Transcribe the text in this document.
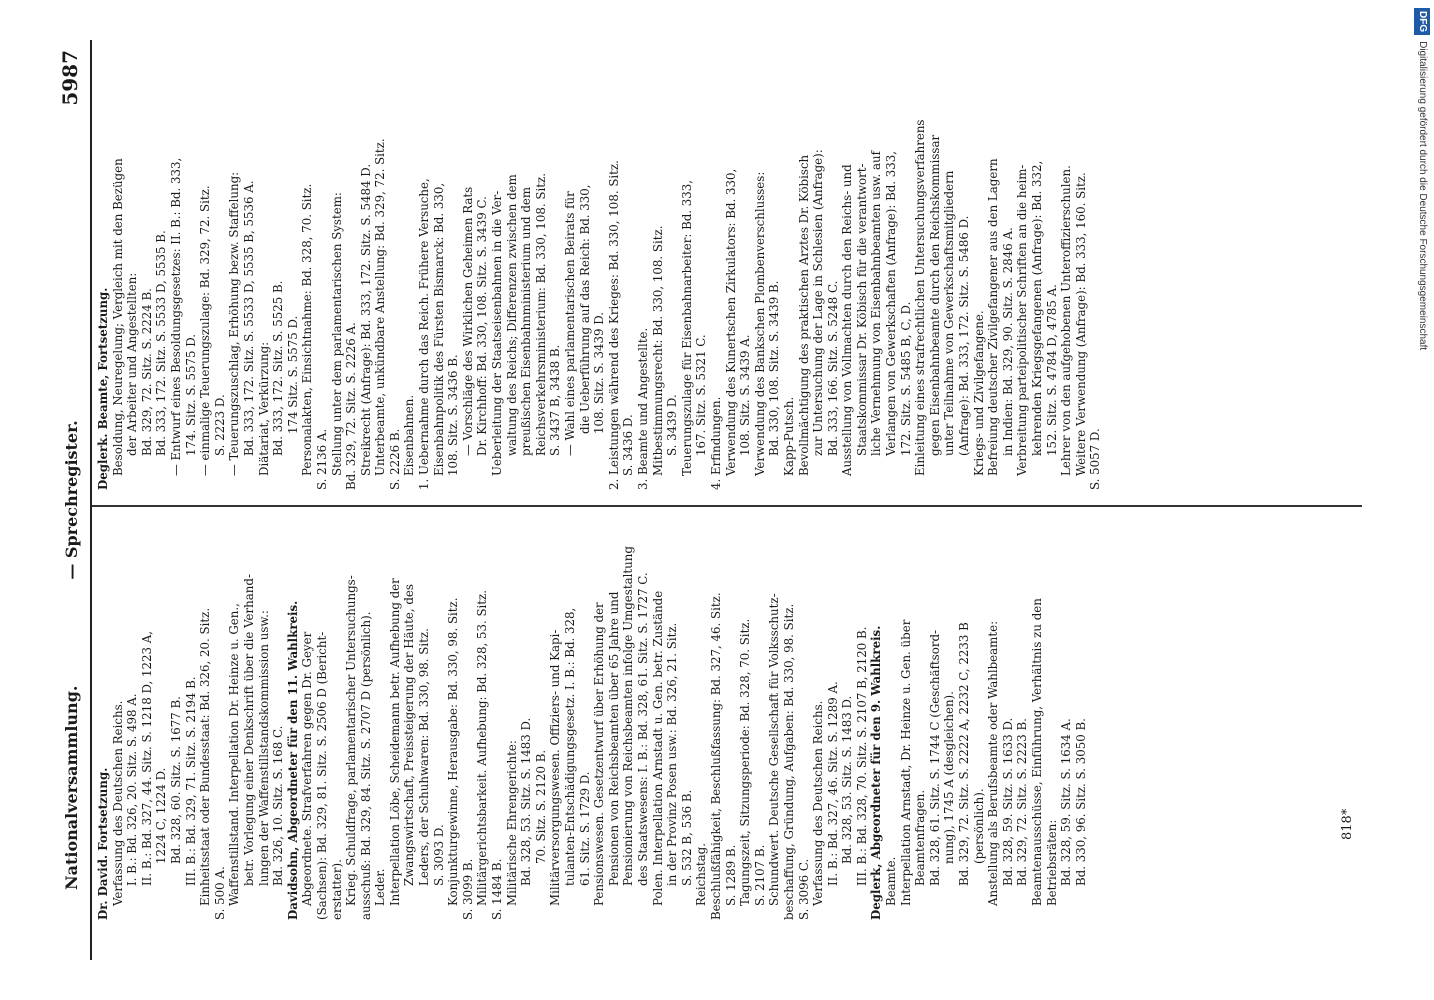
Nationalversammlung.
— Sprechregister.
5987
Dr. David. Fortsetzung. Verfassung des Deutschen Reichs. I. B.: Bd. 326, 20. Sitz. S. 498 A. II. B.: Bd. 327, 44. Sitz. S. 1218 D, 1223 A, 1224 C, 1224 D. Bd. 328, 60. Sitz. S. 1677 B. III. B.: Bd. 329, 71. Sitz. S. 2194 B. Einheitsstaat oder Bundesstaat: Bd. 326, 20. Sitz. S. 500 A. Waffenstillstand. Interpellation Dr. Heinze u. Gen., betr. Vorlegung einer Denkschrift über die Verhand- lungen der Waffenstillstandskommission usw.: Bd. 326, 10. Sitz. S. 168 C. Davidsohn, Abgeordneter für den 11. Wahlkreis. Abgeordnete. Strafverfahren gegen Dr. Geyer (Sachsen): Bd. 329, 81. Sitz. S. 2506 D (Bericht- erstatter). Krieg. Schuldfrage, parlamentarischer Untersuchungs- ausschuß: Bd. 329, 84. Sitz. S. 2707 D (persönlich). Leder. Interpellation Löbe, Scheidemann betr. Aufhebung der Zwangswirtschaft, Preissteigerung der Häute, des Leders, der Schuhwaren: Bd. 330, 98. Sitz. S. 3093 D. Konjunkturgewinne, Herausgabe: Bd. 330, 98. Sitz. S. 3099 B. Militärgerichtsbarkeit. Aufhebung: Bd. 328, 53. Sitz. S. 1484 B. Militärische Ehrengerichte: Bd. 328, 53. Sitz. S. 1483 D. 70. Sitz. S. 2120 B. Militärversorgungswesen. Offiziers- und Kapi- tulanten-Entschädigungsgesetz. I. B.: Bd. 328, 61. Sitz. S. 1729 D. Pensionswesen. Gesetzentwurf über Erhöhung der Pensionen von Reichsbeamten über 65 Jahre und Pensionierung von Reichsbeamten infolge Umgestaltung des Staatswesens: I. B.: Bd. 328, 61. Sitz. S. 1727 C. Polen. Interpellation Arnstadt u. Gen. betr. Zustände in der Provinz Posen usw.: Bd. 326, 21. Sitz. S. 532 B, 536 B. Reichstag. Beschlußfähigkeit, Beschlußfassung: Bd. 327, 46. Sitz. S. 1289 B. Tagungszeit, Sitzungsperiode: Bd. 328, 70. Sitz. S. 2107 B. Schundwert. Deutsche Gesellschaft für Volksschutz- beschaffung, Gründung, Aufgaben: Bd. 330, 98. Sitz. S. 3096 C. Verfassung des Deutschen Reichs. II. B.: Bd. 327, 46. Sitz. S. 1289 A. Bd. 328, 53. Sitz. S. 1483 D. III. B.: Bd. 328, 70. Sitz. S. 2107 B, 2120 B. Deglerk, Abgeordneter für den 9. Wahlkreis. Beamte. Interpellation Arnstadt, Dr. Heinze u. Gen. über Beamtenfragen. Bd. 328, 61. Sitz. S. 1744 C (Geschäftsord- nung), 1745 A (desgleichen). Bd. 329, 72. Sitz. S. 2222 A, 2232 C, 2233 B (persönlich). Anstellung als Berufsbeamte oder Wahlbeamte: Bd. 328, 59. Sitz. S. 1633 D. Bd. 329, 72. Sitz. S. 2223 B. Beamtenausschüsse, Einführung, Verhältnis zu den Betriebsräten: Bd. 328, 59. Sitz. S. 1634 A. Bd. 330, 96. Sitz. S. 3050 B.
Deglerk. Beamte, Fortsetzung. Besoldung, Neuregelung; Vergleich mit den Bezügen der Arbeiter und Angestellten: Bd. 329, 72. Sitz. S. 2224 B. Bd. 333, 172. Sitz. S. 5533 D, 5535 B. — Entwurf eines Besoldungsgesetzes: II. B.: Bd. 333, 174. Sitz. S. 5575 D. — einmalige Teuerungszulage: Bd. 329, 72. Sitz. S. 2223 D. — Teuerungszuschlag, Erhöhung bezw. Staffelung: Bd. 333, 172. Sitz. S. 5533 D, 5535 B, 5536 A. Diätariat, Verkürzung: Bd. 333, 172. Sitz. S. 5525 B. 174 Sitz. S. 5575 D. Personalakten, Einsichtnahme: Bd. 328, 70. Sitz. S. 2136 A. Stellung unter dem parlamentarischen System: Bd. 329, 72. Sitz. S. 2226 A. Streikrecht (Anfrage): Bd. 333, 172. Sitz. S. 5484 D. Unterbeamte, unkündbare Anstellung: Bd. 329, 72. Sitz. S. 2226 B. Eisenbahnen. 1. Uebernahme durch das Reich. Frühere Versuche, Eisenbahnpolitik des Fürsten Bismarck: Bd. 330, 108. Sitz. S. 3436 B. — Vorschläge des Wirklichen Geheimen Rats Dr. Kirchhoff: Bd. 330, 108. Sitz. S. 3439 C. Ueberleitung der Staatseisenbahnen in die Ver- waltung des Reichs; Differenzen zwischen dem preußischen Eisenbahnministerium und dem Reichsverkehrsministerium: Bd. 330, 108. Sitz. S. 3437 B, 3438 B. — Wahl eines parlamentarischen Beirats für die Ueberführung auf das Reich: Bd. 330, 108. Sitz. S. 3439 D. 2. Leistungen während des Krieges: Bd. 330, 108. Sitz. S. 3436 D. 3. Beamte und Angestellte. Mitbestimmungsrecht: Bd. 330, 108. Sitz. S. 3439 D. Teuerungszulage für Eisenbahnarbeiter: Bd. 333, 167. Sitz. S. 5321 C. 4. Erfindungen. Verwendung des Kunertschen Zirkulators: Bd. 330, 108. Sitz. S. 3439 A. Verwendung des Bankschen Plombenverschlusses: Bd. 330, 108. Sitz. S. 3439 B. Kapp-Putsch. Bevollmächtigung des praktischen Arztes Dr. Köbisch zur Untersuchung der Lage in Schlesien (Anfrage): Bd. 333, 166. Sitz. S. 5248 C. Ausstellung von Vollmachten durch den Reichs- und Staatskommissar Dr. Köbisch für die verantwort- liche Vernehmung von Eisenbahnbeamten usw. auf Verlangen von Gewerkschaften (Anfrage): Bd. 333, 172. Sitz. S. 5485 B, C, D. Einleitung eines strafrechtlichen Untersuchungsverfahrens gegen Eisenbahnbeamte durch den Reichskommissar unter Teilnahme von Gewerkschaftsmitgliedern (Anfrage): Bd. 333, 172. Sitz. S. 5486 D. Kriegs- und Zivilgefangene. Befreiung deutscher Zivilgefangener aus den Lagern in Indien: Bd. 329, 90. Sitz. S. 2846 A. Verbreitung parteipolitischer Schriften an die heim- kehrenden Kriegsgefangenen (Anfrage): Bd. 332, 152. Sitz. S. 4784 D, 4785 A. Lehrer von den aufgehobenen Unteroffizierschulen. Weitere Verwendung (Anfrage): Bd. 333, 160. Sitz. S. 5057 D.
818*
DFGDigitalisierung gefördert durch die Deutsche Forschungsgemeinschaft
